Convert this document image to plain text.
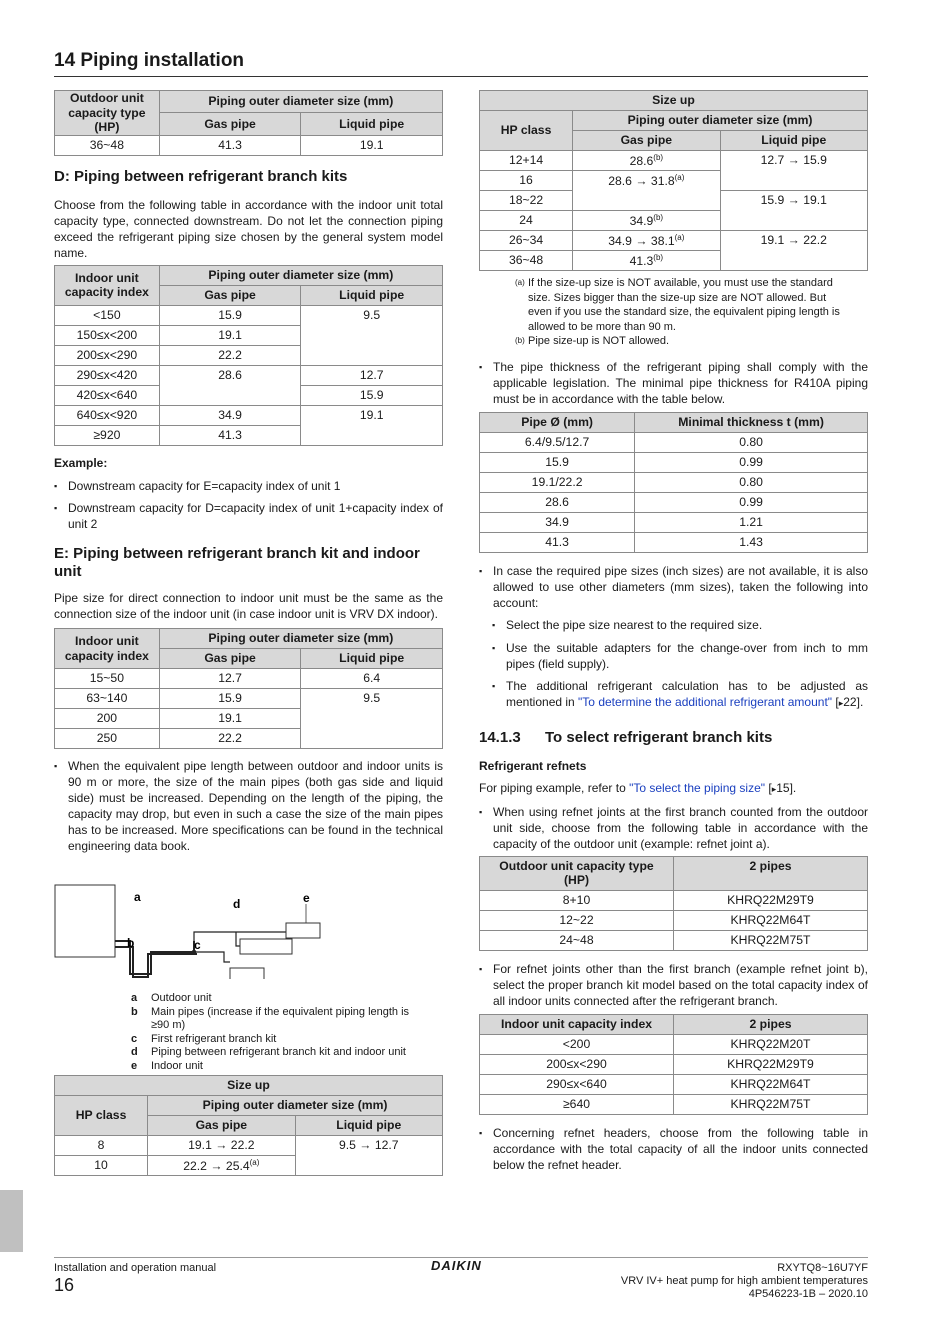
14 Piping installation
Outdoor unit capacity type (HP)	Piping outer diameter size (mm)	
	Gas pipe	Liquid pipe
36~48	41.3	19.1
D: Piping between refrigerant branch kits

Choose from the following table in accordance with the indoor unit total capacity type, connected downstream. Do not let the connection piping exceed the refrigerant piping size chosen by the general system model name.

Indoor unit capacity index	Piping outer diameter size (mm)	
	Gas pipe	Liquid pipe
<150	15.9	9.5
150≤x<200	19.1	
200≤x<290	22.2	
290≤x<420	28.6	12.7
420≤x<640		15.9
640≤x<920	34.9	19.1
≥920	41.3	
Example:
▪ Downstream capacity for E=capacity index of unit 1
▪ Downstream capacity for D=capacity index of unit 1+capacity index of unit 2
E: Piping between refrigerant branch kit and indoor unit

Pipe size for direct connection to indoor unit must be the same as the connection size of the indoor unit (in case indoor unit is VRV DX indoor).

Indoor unit capacity index	Piping outer diameter size (mm)	
	Gas pipe	Liquid pipe
15~50	12.7	6.4
63~140	15.9	9.5
200	19.1	
250	22.2	
▪ When the equivalent pipe length between outdoor and indoor units is 90 m or more, the size of the main pipes (both gas side and liquid side) must be increased. Depending on the length of the piping, the capacity may drop, but even in such a case the size of the main pipes has to be increased. More specifications can be found in the technical engineering data book.
a
b	c
d	e
a	Outdoor unit
b	Main pipes (increase if the equivalent piping length is ≥90 m)
c	First refrigerant branch kit
d	Piping between refrigerant branch kit and indoor unit
e	Indoor unit
Size up		
HP class	Piping outer diameter size (mm)	
	Gas pipe	Liquid pipe
8	19.1 → 22.2	9.5 → 12.7
10	$22.2 \to 25.4^{(a)}$
Size up		
HP class	Piping outer diameter size (mm)	
	Gas pipe	Liquid pipe
12+14	28.6$^{(b)}$	12.7 → 15.9
16	$28.6 \to 31.8^{(a)}$
18~22		15.9 → 19.1
24	34.9$^{(b)}$
26~34	$34.9 \to 38.1^{(a)}$	19.1 → 22.2
36~48	41.3$^{(b)}$
(a) If the size-up size is NOT available, you must use the standard size. Sizes bigger than the size-up size are NOT allowed. But even if you use the standard size, the equivalent piping length is allowed to be more than 90 m.
(b) Pipe size-up is NOT allowed.
▪ The pipe thickness of the refrigerant piping shall comply with the applicable legislation. The minimal pipe thickness for R410A piping must be in accordance with the table below.
Pipe Ø (mm)	Minimal thickness t (mm)
6.4/9.5/12.7	0.80
15.9	0.99
19.1/22.2	0.80
28.6	0.99
34.9	1.21
41.3	1.43
▪ In case the required pipe sizes (inch sizes) are not available, it is also allowed to use other diameters (mm sizes), taken the following into account:
▪ Select the pipe size nearest to the required size.
▪ Use the suitable adapters for the change-over from inch to mm pipes (field supply).
▪ The additional refrigerant calculation has to be adjusted as mentioned in "To determine the additional refrigerant amount" [▸22].
14.1.3	To select refrigerant branch kits
Refrigerant refnets

For piping example, refer to "To select the piping size" [▸15].

▪ When using refnet joints at the first branch counted from the outdoor unit side, choose from the following table in accordance with the capacity of the outdoor unit (example: refnet joint a).
Outdoor unit capacity type (HP)	2 pipes
8+10	KHRQ22M29T9
12~22	KHRQ22M64T
24~48	KHRQ22M75T
▪ For refnet joints other than the first branch (example refnet joint b), select the proper branch kit model based on the total capacity index of all indoor units connected after the refrigerant branch.
Indoor unit capacity index	2 pipes
<200	KHRQ22M20T
200≤x<290	KHRQ22M29T9
290≤x<640	KHRQ22M64T
≥640	KHRQ22M75T
▪ Concerning refnet headers, choose from the following table in accordance with the total capacity of all the indoor units connected below the refnet header.
Installation and operation manual
16
DAIKIN	RXYTQ8~16U7YF
VRV IV+ heat pump for high ambient temperatures
4P546223-1B – 2020.10
